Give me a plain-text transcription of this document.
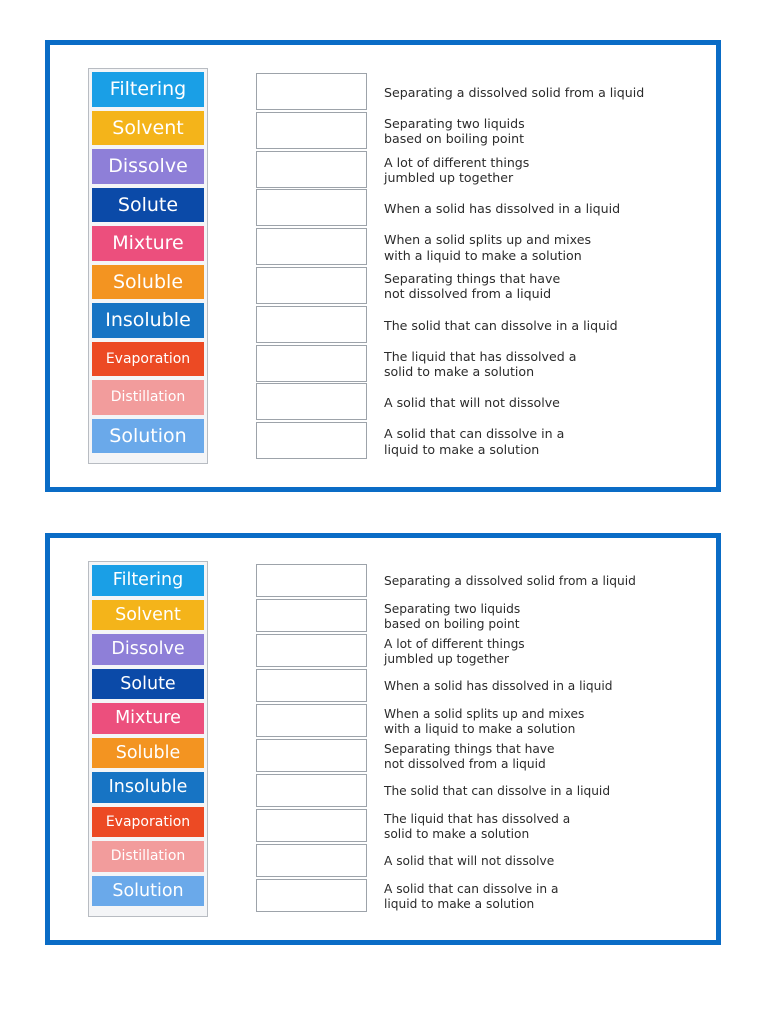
Filtering
Solvent
Dissolve
Solute
Mixture
Soluble
Insoluble
Evaporation
Distillation
Solution
Separating a dissolved solid from a liquid
Separating two liquids
based on boiling point
A lot of different things
jumbled up together
When a solid has dissolved in a liquid
When a solid splits up and mixes
with a liquid to make a solution
Separating things that have
not dissolved from a liquid
The solid that can dissolve in a liquid
The liquid that has dissolved a
solid to make a solution
A solid that will not dissolve
A solid that can dissolve in a
liquid to make a solution
Filtering
Solvent
Dissolve
Solute
Mixture
Soluble
Insoluble
Evaporation
Distillation
Solution
Separating a dissolved solid from a liquid
Separating two liquids
based on boiling point
A lot of different things
jumbled up together
When a solid has dissolved in a liquid
When a solid splits up and mixes
with a liquid to make a solution
Separating things that have
not dissolved from a liquid
The solid that can dissolve in a liquid
The liquid that has dissolved a
solid to make a solution
A solid that will not dissolve
A solid that can dissolve in a
liquid to make a solution
